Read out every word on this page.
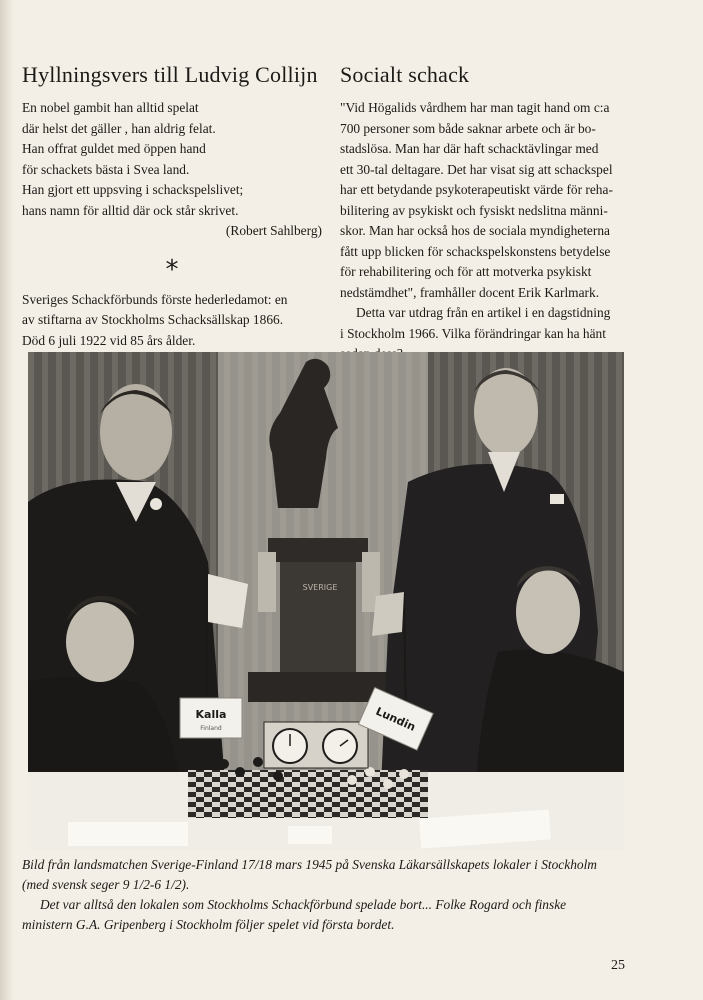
Hyllningsvers till Ludvig Collijn

En nobel gambit han alltid spelat

där helst det gäller , han aldrig felat.

Han offrat guldet med öppen hand

för schackets bästa i Svea land.

Han gjort ett uppsving i schackspelslivet;

hans namn för alltid där ock står skrivet.

(Robert Sahlberg)

*

Sveriges Schackförbunds förste hederledamot: en

av stiftarna av Stockholms Schacksällskap 1866.

Död 6 juli 1922 vid 85 års ålder.

Socialt schack

"Vid Högalids vårdhem har man tagit hand om c:a

700 personer som både saknar arbete och är bo-

stadslösa. Man har där haft schacktävlingar med

ett 30-tal deltagare. Det har visat sig att schackspel

har ett betydande psykoterapeutiskt värde för reha-

bilitering av psykiskt och fysiskt nedslitna männi-

skor. Man har också hos de sociala myndigheterna

fått upp blicken för schackspelskonstens betydelse

för rehabilitering och för att motverka psykiskt

nedstämdhet", framhåller docent Erik Karlmark.

Detta var utdrag från en artikel i en dagstidning

i Stockholm 1966. Vilka förändringar kan ha hänt

SVERIGE
Kalla
Finland	Lundin

Bild från landsmatchen Sverige-Finland 17/18 mars 1945 på Svenska Läkarsällskapets lokaler i Stockholm

(med svensk seger 9 1/2-6 1/2).

Det var alltså den lokalen som Stockholms Schackförbund spelade bort... Folke Rogard och finske

ministern G.A. Gripenberg i Stockholm följer spelet vid första bordet.

25
